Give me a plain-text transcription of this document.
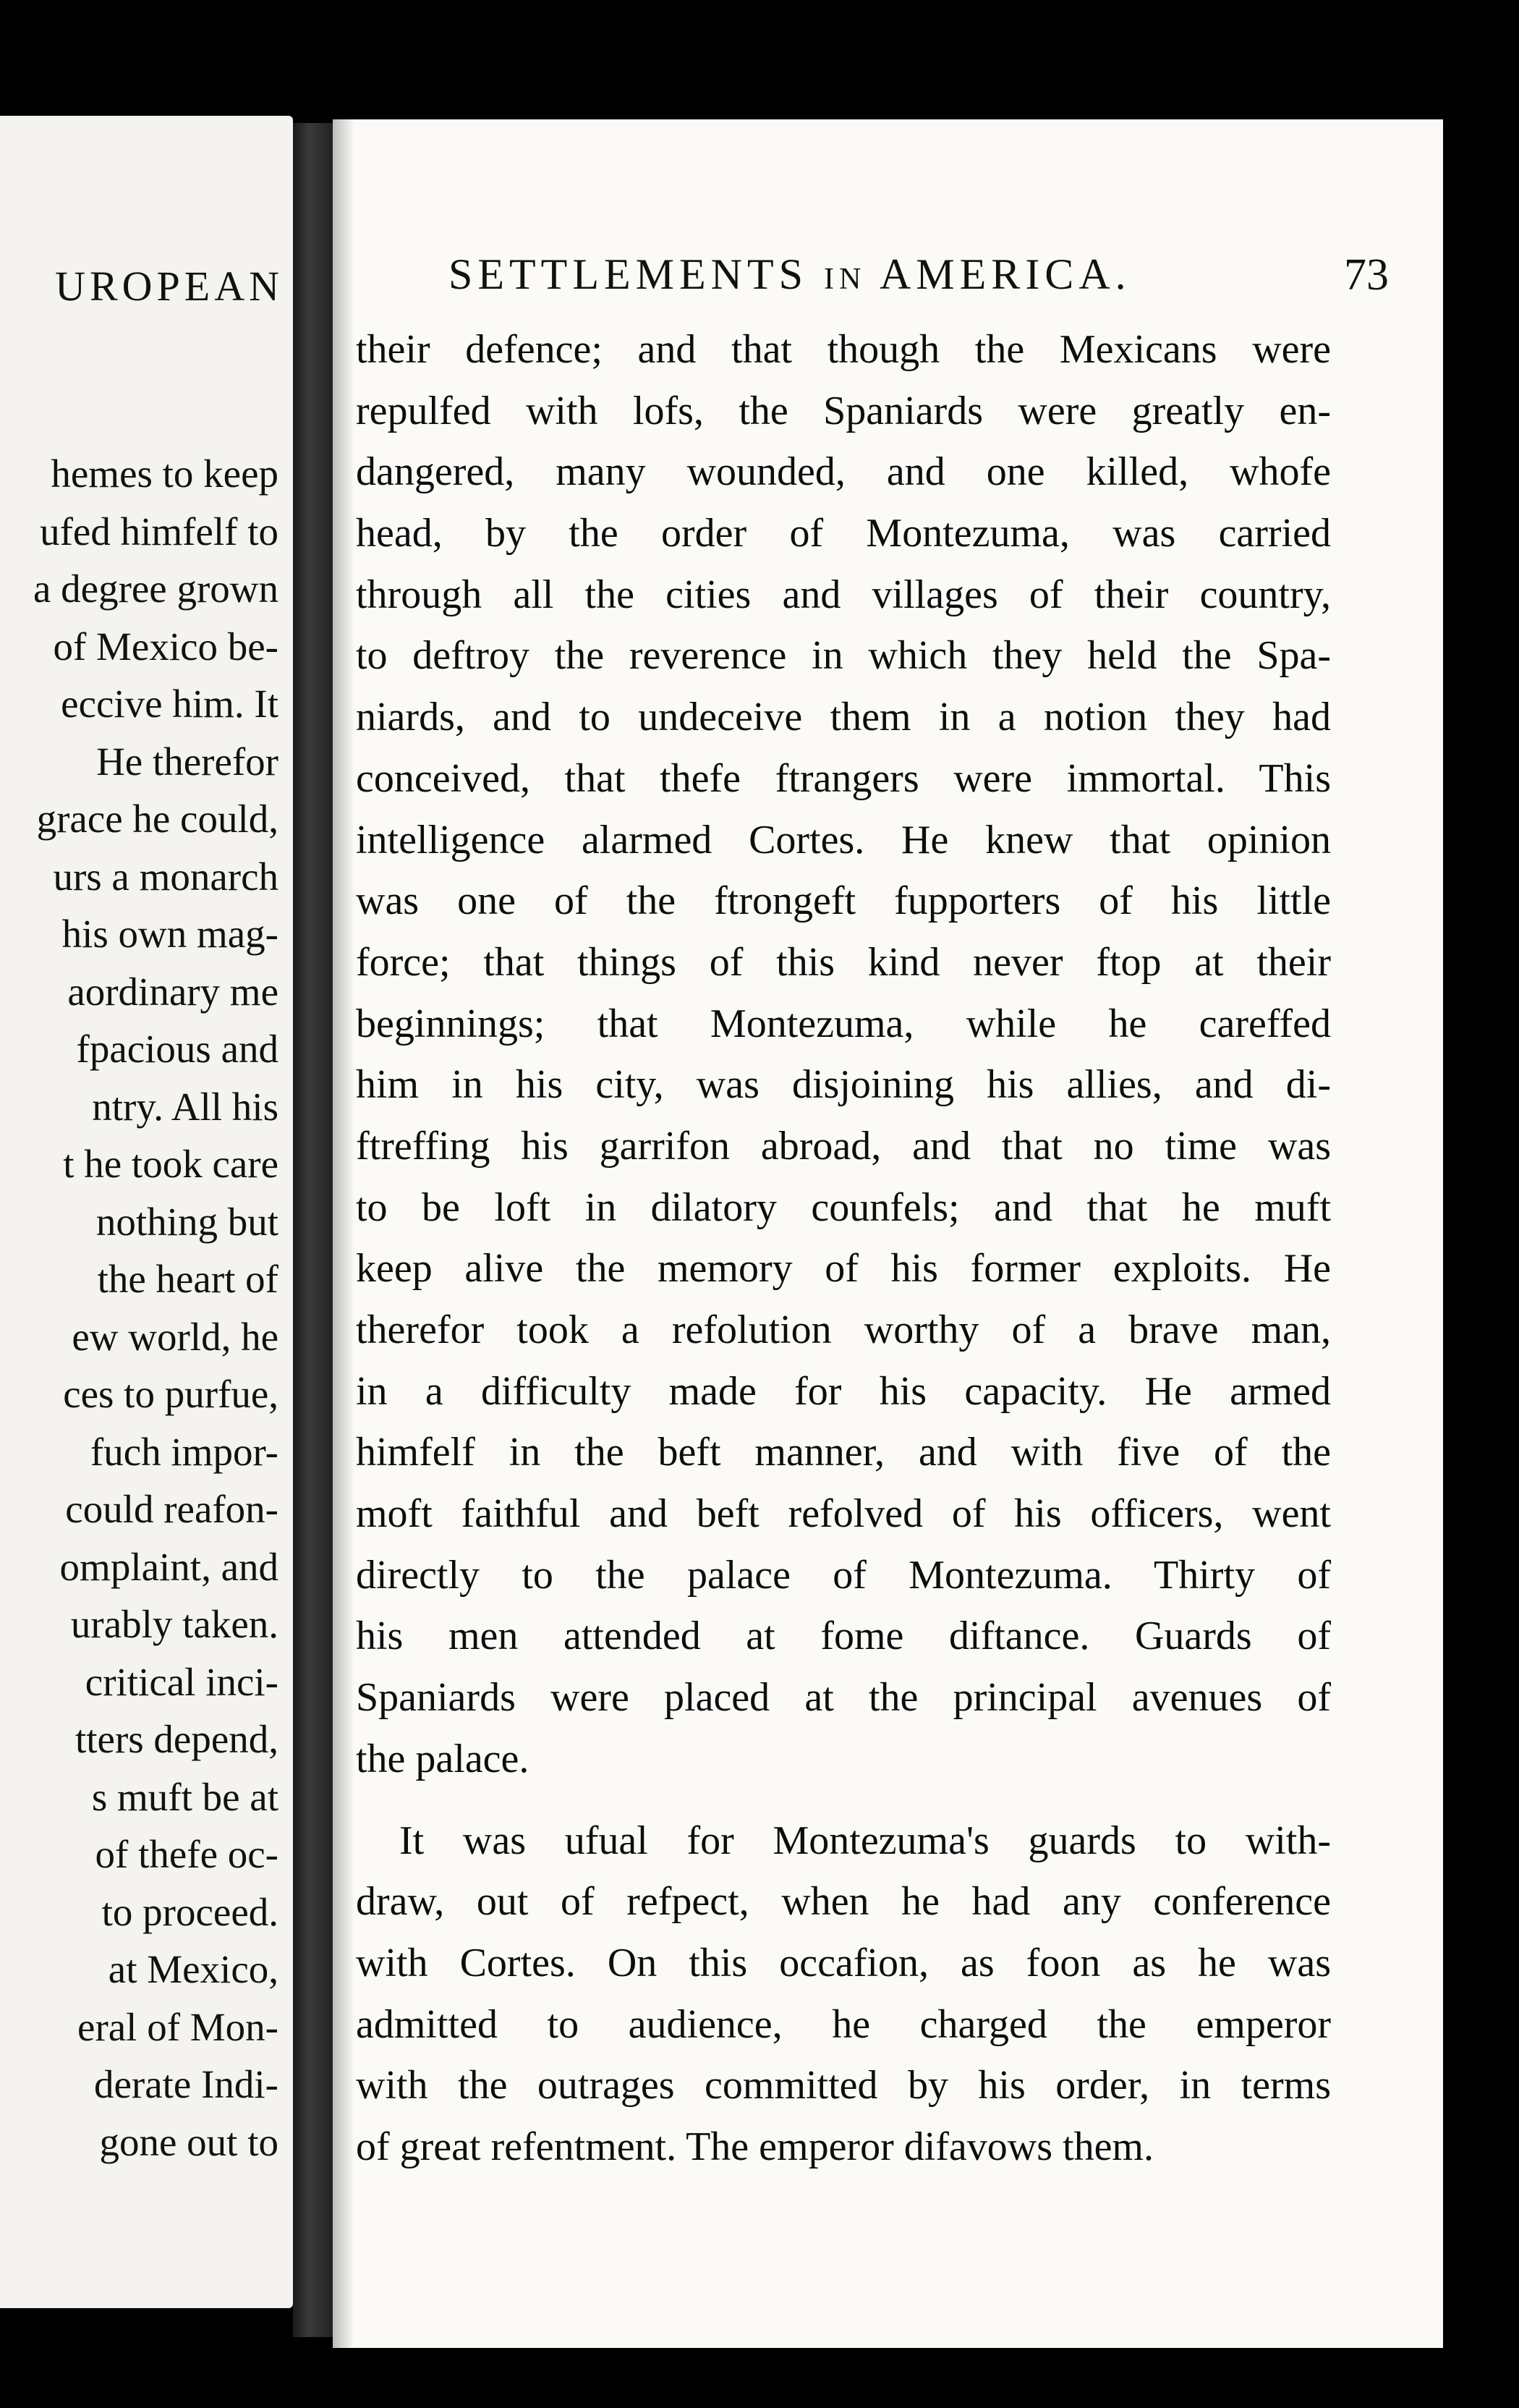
UROPEAN
hemes to keep
ufed himfelf to
a degree grown
of Mexico be-
eccive him. It
He therefor
grace he could,
urs a monarch
his own mag-
aordinary me
fpacious and
ntry. All his
t he took care
nothing but
the heart of
ew world, he
ces to purfue,
fuch impor-
could reafon-
omplaint, and
urably taken.
critical inci-
tters depend,
s muft be at
of thefe oc-
to proceed.
at Mexico,
eral of Mon-
derate Indi-
gone out to
SETTLEMENTS in AMERICA.	73
their defence; and that though the Mexicans were
repulfed with lofs, the Spaniards were greatly en-
dangered, many wounded, and one killed, whofe
head, by the order of Montezuma, was carried
through all the cities and villages of their country,
to deftroy the reverence in which they held the Spa-
niards, and to undeceive them in a notion they had
conceived, that thefe ftrangers were immortal. This
intelligence alarmed Cortes. He knew that opinion
was one of the ftrongeft fupporters of his little
force; that things of this kind never ftop at their
beginnings; that Montezuma, while he careffed
him in his city, was disjoining his allies, and di-
ftreffing his garrifon abroad, and that no time was
to be loft in dilatory counfels; and that he muft
keep alive the memory of his former exploits. He
therefor took a refolution worthy of a brave man,
in a difficulty made for his capacity. He armed
himfelf in the beft manner, and with five of the
moft faithful and beft refolved of his officers, went
directly to the palace of Montezuma. Thirty of
his men attended at fome diftance. Guards of
Spaniards were placed at the principal avenues of
the palace.
It was ufual for Montezuma's guards to with-
draw, out of refpect, when he had any conference
with Cortes. On this occafion, as foon as he was
admitted to audience, he charged the emperor
with the outrages committed by his order, in terms
of great refentment. The emperor difavows them.
